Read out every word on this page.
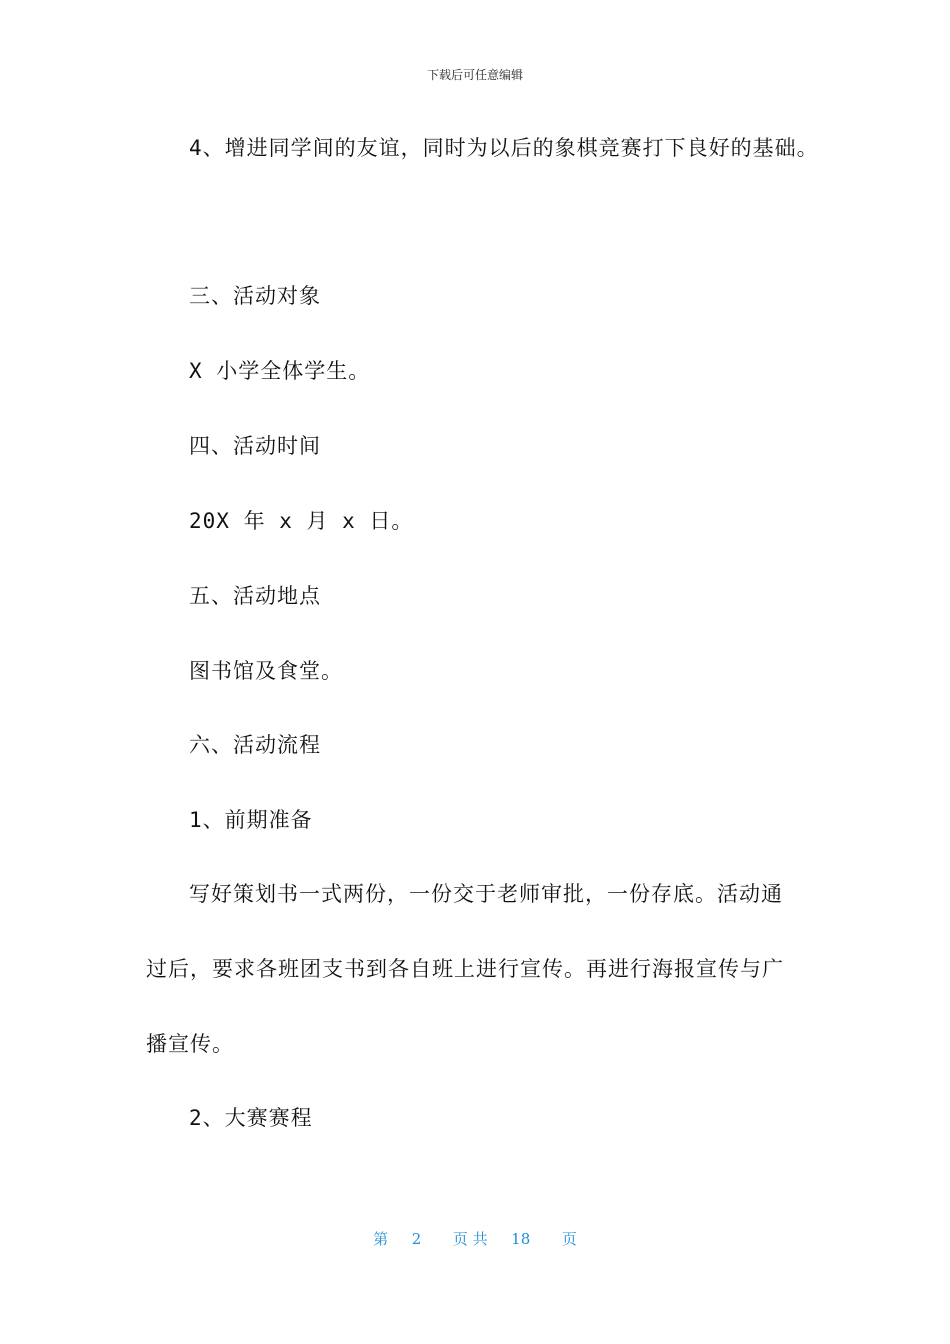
下载后可任意编辑
4、增进同学间的友谊，同时为以后的象棋竞赛打下良好的基础。
三、活动对象
X 小学全体学生。
四、活动时间
20X 年 x 月 x 日。
五、活动地点
图书馆及食堂。
六、活动流程
1、前期准备
写好策划书一式两份，一份交于老师审批，一份存底。活动通
过后，要求各班团支书到各自班上进行宣传。再进行海报宣传与广
播宣传。
2、大赛赛程
第 2 页 共 18 页
